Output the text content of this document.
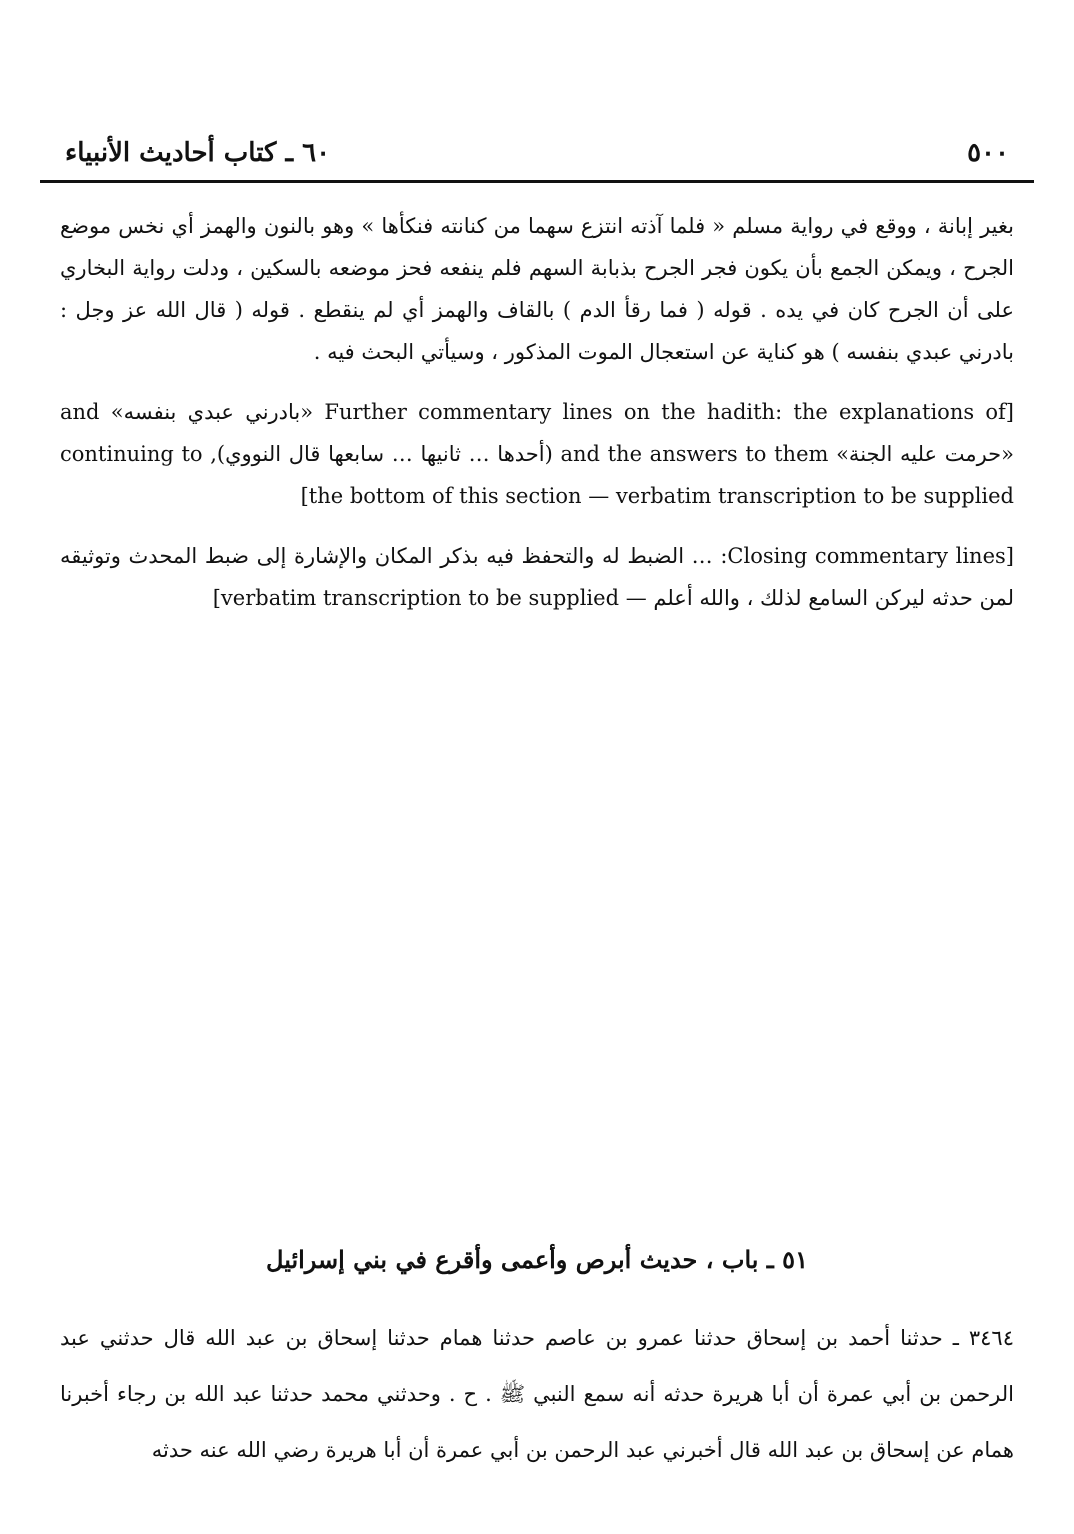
٥٠٠
٦٠ ـ كتاب أحاديث الأنبياء

بغير إبانة ، ووقع في رواية مسلم « فلما آذته انتزع سهما من كنانته فنكأها » وهو بالنون والهمز أي نخس موضع الجرح ، ويمكن الجمع بأن يكون فجر الجرح بذبابة السهم فلم ينفعه فحز موضعه بالسكين ، ودلت رواية البخاري على أن الجرح كان في يده . قوله ( فما رقأ الدم ) بالقاف والهمز أي لم ينقطع . قوله ( قال الله عز وجل : بادرني عبدي بنفسه ) هو كناية عن استعجال الموت المذكور ، وسيأتي البحث فيه .

[Further commentary lines on the hadith: the explanations of «بادرني عبدي بنفسه» and «حرمت عليه الجنة» and the answers to them (أحدها … ثانيها … سابعها قال النووي), continuing to the bottom of this section — verbatim transcription to be supplied]

[Closing commentary lines: … الضبط له والتحفظ فيه بذكر المكان والإشارة إلى ضبط المحدث وتوثيقه لمن حدثه ليركن السامع لذلك ، والله أعلم — verbatim transcription to be supplied]

٥١ ـ باب ، حديث أبرص وأعمى وأقرع في بني إسرائيل
٣٤٦٤ ـ حدثنا أحمد بن إسحاق حدثنا عمرو بن عاصم حدثنا همام حدثنا إسحاق بن عبد الله قال حدثني عبد الرحمن بن أبي عمرة أن أبا هريرة حدثه أنه سمع النبي ﷺ . ح . وحدثني محمد حدثنا عبد الله بن رجاء أخبرنا همام عن إسحاق بن عبد الله قال أخبرني عبد الرحمن بن أبي عمرة أن أبا هريرة رضي الله عنه حدثه
